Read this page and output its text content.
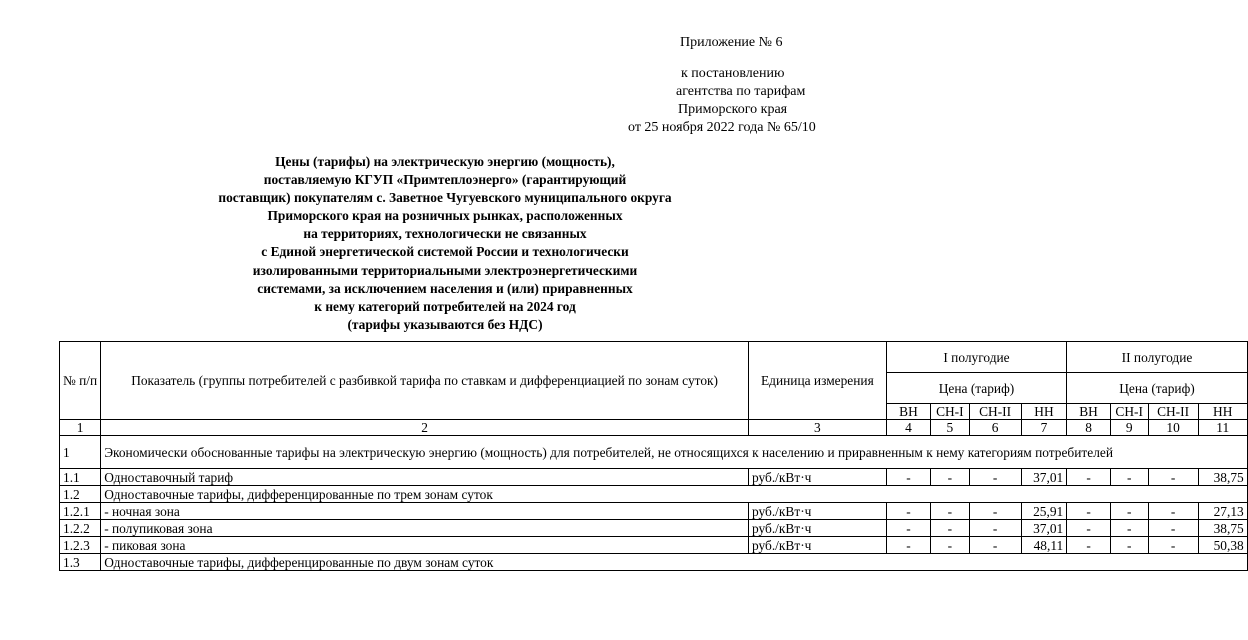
Приложение № 6
к постановлению
агентства по тарифам
Приморского края
от 25 ноября 2022 года № 65/10
Цены (тарифы) на электрическую энергию (мощность),
поставляемую КГУП «Примтеплоэнерго» (гарантирующий
поставщик) покупателям с. Заветное Чугуевского муниципального округа
Приморского края на розничных рынках, расположенных
на территориях, технологически не связанных
с Единой энергетической системой России и технологически
изолированными территориальными электроэнергетическими
системами, за исключением населения и (или) приравненных
к нему категорий потребителей на 2024 год
(тарифы указываются без НДС)
№ п/п	Показатель (группы потребителей с разбивкой тарифа по ставкам и дифференциацией по зонам суток)	Единица измерения	I полугодие				II полугодие			
			Цена (тариф)				Цена (тариф)			
			ВН	СН-I	СН-II	НН	ВН	СН-I	СН-II	НН
1	2	3	4	5	6	7	8	9	10	11
1	Экономически обоснованные тарифы на электрическую энергию (мощность) для потребителей, не относящихся к населению и приравненным к нему категориям потребителей									
1.1	Одноставочный тариф	руб./кВт·ч	-	-	-	37,01	-	-	-	38,75
1.2	Одноставочные тарифы, дифференцированные по трем зонам суток									
1.2.1	- ночная зона	руб./кВт·ч	-	-	-	25,91	-	-	-	27,13
1.2.2	- полупиковая зона	руб./кВт·ч	-	-	-	37,01	-	-	-	38,75
1.2.3	- пиковая зона	руб./кВт·ч	-	-	-	48,11	-	-	-	50,38
1.3	Одноставочные тарифы, дифференцированные по двум зонам суток									
